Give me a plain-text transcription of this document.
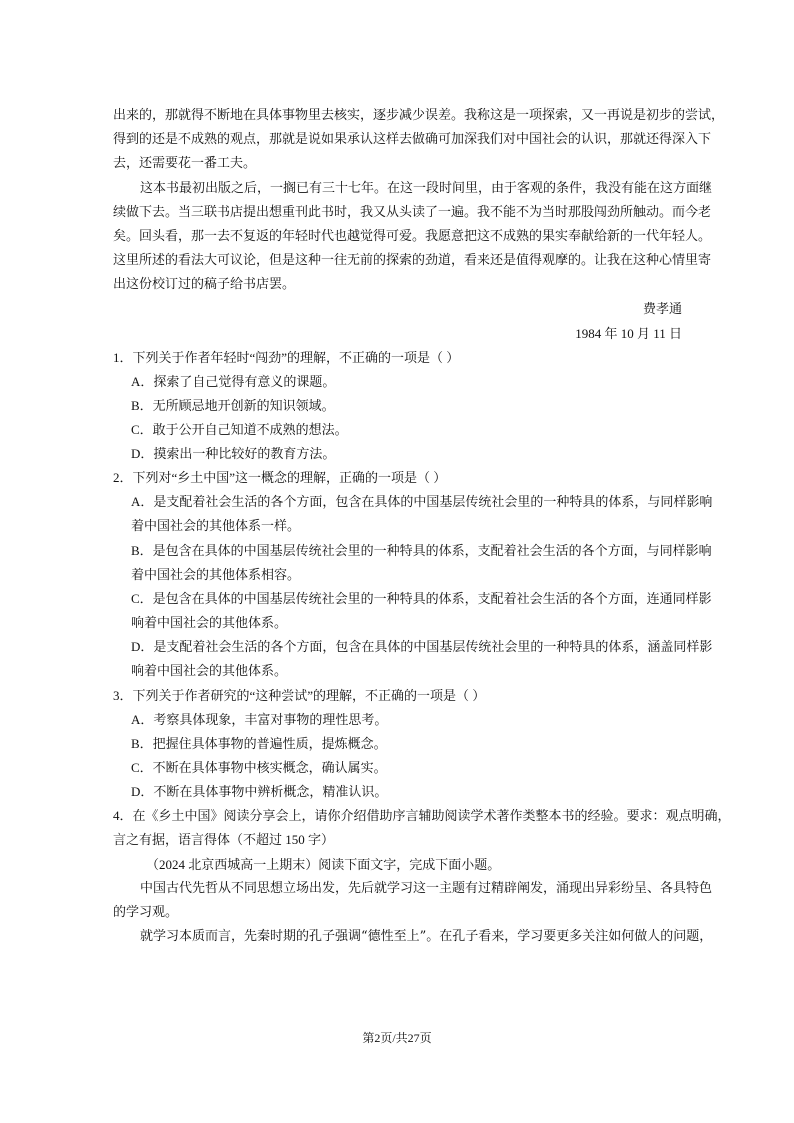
出来的，那就得不断地在具体事物里去核实，逐步减少误差。我称这是一项探索，又一再说是初步的尝试，
得到的还是不成熟的观点，那就是说如果承认这样去做确可加深我们对中国社会的认识，那就还得深入下
去，还需要花一番工夫。
这本书最初出版之后，一搁已有三十七年。在这一段时间里，由于客观的条件，我没有能在这方面继
续做下去。当三联书店提出想重刊此书时，我又从头读了一遍。我不能不为当时那股闯劲所触动。而今老
矣。回头看，那一去不复返的年轻时代也越觉得可爱。我愿意把这不成熟的果实奉献给新的一代年轻人。
这里所述的看法大可议论，但是这种一往无前的探索的劲道，看来还是值得观摩的。让我在这种心情里寄
出这份校订过的稿子给书店罢。
费孝通
1984 年 10 月 11 日
1．下列关于作者年轻时“闯劲”的理解，不正确的一项是（ ）
A．探索了自己觉得有意义的课题。
B．无所顾忌地开创新的知识领域。
C．敢于公开自己知道不成熟的想法。
D．摸索出一种比较好的教育方法。
2．下列对“乡土中国”这一概念的理解，正确的一项是（ ）
A．是支配着社会生活的各个方面，包含在具体的中国基层传统社会里的一种特具的体系，与同样影响
着中国社会的其他体系一样。
B．是包含在具体的中国基层传统社会里的一种特具的体系，支配着社会生活的各个方面，与同样影响
着中国社会的其他体系相容。
C．是包含在具体的中国基层传统社会里的一种特具的体系，支配着社会生活的各个方面，连通同样影
响着中国社会的其他体系。
D．是支配着社会生活的各个方面，包含在具体的中国基层传统社会里的一种特具的体系，涵盖同样影
响着中国社会的其他体系。
3．下列关于作者研究的“这种尝试”的理解，不正确的一项是（ ）
A．考察具体现象，丰富对事物的理性思考。
B．把握住具体事物的普遍性质，提炼概念。
C．不断在具体事物中核实概念，确认属实。
D．不断在具体事物中辨析概念，精准认识。
4．在《乡土中国》阅读分享会上，请你介绍借助序言辅助阅读学术著作类整本书的经验。要求：观点明确，
言之有据，语言得体（不超过 150 字）
（2024 北京西城高一上期末）阅读下面文字，完成下面小题。
中国古代先哲从不同思想立场出发，先后就学习这一主题有过精辟阐发，涌现出异彩纷呈、各具特色
的学习观。
就学习本质而言，先秦时期的孔子强调“德性至上”。在孔子看来，学习要更多关注如何做人的问题，
第2页/共27页
